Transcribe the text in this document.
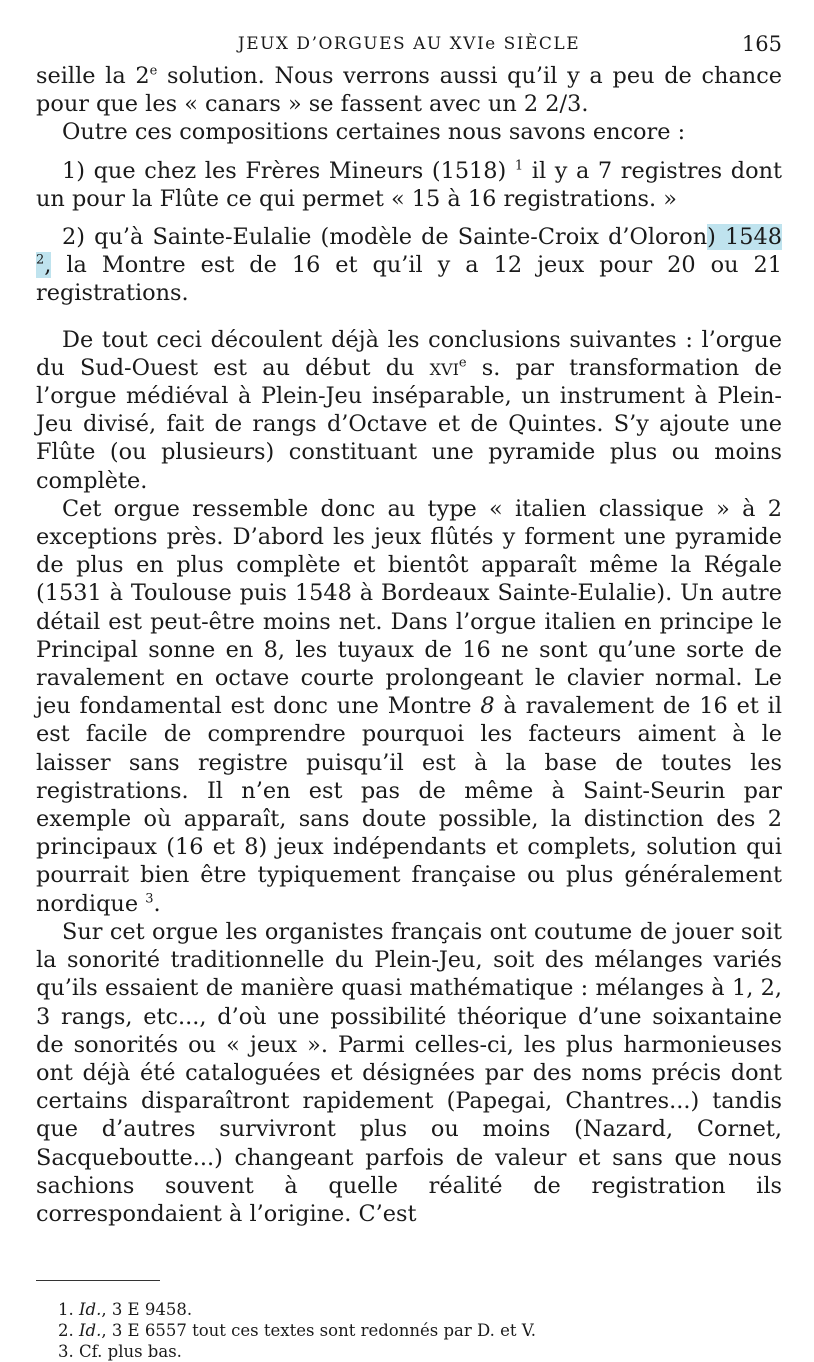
JEUX D’ORGUES AU XVIe SIÈCLE	165

seille la 2e solution. Nous verrons aussi qu’il y a peu de chance pour que les « canars » se fassent avec un 2 2/3.

Outre ces compositions certaines nous savons encore :

1) que chez les Frères Mineurs (1518) $^1$ il y a 7 registres dont un pour la Flûte ce qui permet « 15 à 16 registrations. »

2) qu’à Sainte-Eulalie (modèle de Sainte-Croix d’Oloron) 1548 $^2$, la Montre est de 16 et qu’il y a 12 jeux pour 20 ou 21 registrations.

De tout ceci découlent déjà les conclusions suivantes : l’orgue du Sud-Ouest est au début du xvi$^e$ s. par transformation de l’orgue médiéval à Plein-Jeu inséparable, un instrument à Plein-Jeu divisé, fait de rangs d’Octave et de Quintes. S’y ajoute une Flûte (ou plusieurs) constituant une pyramide plus ou moins complète.

Cet orgue ressemble donc au type « italien classique » à 2 exceptions près. D’abord les jeux flûtés y forment une pyramide de plus en plus complète et bientôt apparaît même la Régale (1531 à Toulouse puis 1548 à Bordeaux Sainte-Eulalie). Un autre détail est peut-être moins net. Dans l’orgue italien en principe le Principal sonne en 8, les tuyaux de 16 ne sont qu’une sorte de ravalement en octave courte prolongeant le clavier normal. Le jeu fondamental est donc une Montre 8 à ravalement de 16 et il est facile de comprendre pourquoi les facteurs aiment à le laisser sans registre puisqu’il est à la base de toutes les registrations. Il n’en est pas de même à Saint-Seurin par exemple où apparaît, sans doute possible, la distinction des 2 principaux (16 et 8) jeux indépendants et complets, solution qui pourrait bien être typiquement française ou plus généralement nordique $^3$.

Sur cet orgue les organistes français ont coutume de jouer soit la sonorité traditionnelle du Plein-Jeu, soit des mélanges variés qu’ils essaient de manière quasi mathématique : mélanges à 1, 2, 3 rangs, etc..., d’où une possibilité théorique d’une soixantaine de sonorités ou « jeux ». Parmi celles-ci, les plus harmonieuses ont déjà été cataloguées et désignées par des noms précis dont certains disparaîtront rapidement (Papegai, Chantres...) tandis que d’autres survivront plus ou moins (Nazard, Cornet, Sacqueboutte...) changeant parfois de valeur et sans que nous sachions souvent à quelle réalité de registration ils correspondaient à l’origine. C’est

1. Id., 3 E 9458.
2. Id., 3 E 6557 tout ces textes sont redonnés par D. et V.
3. Cf. plus bas.
